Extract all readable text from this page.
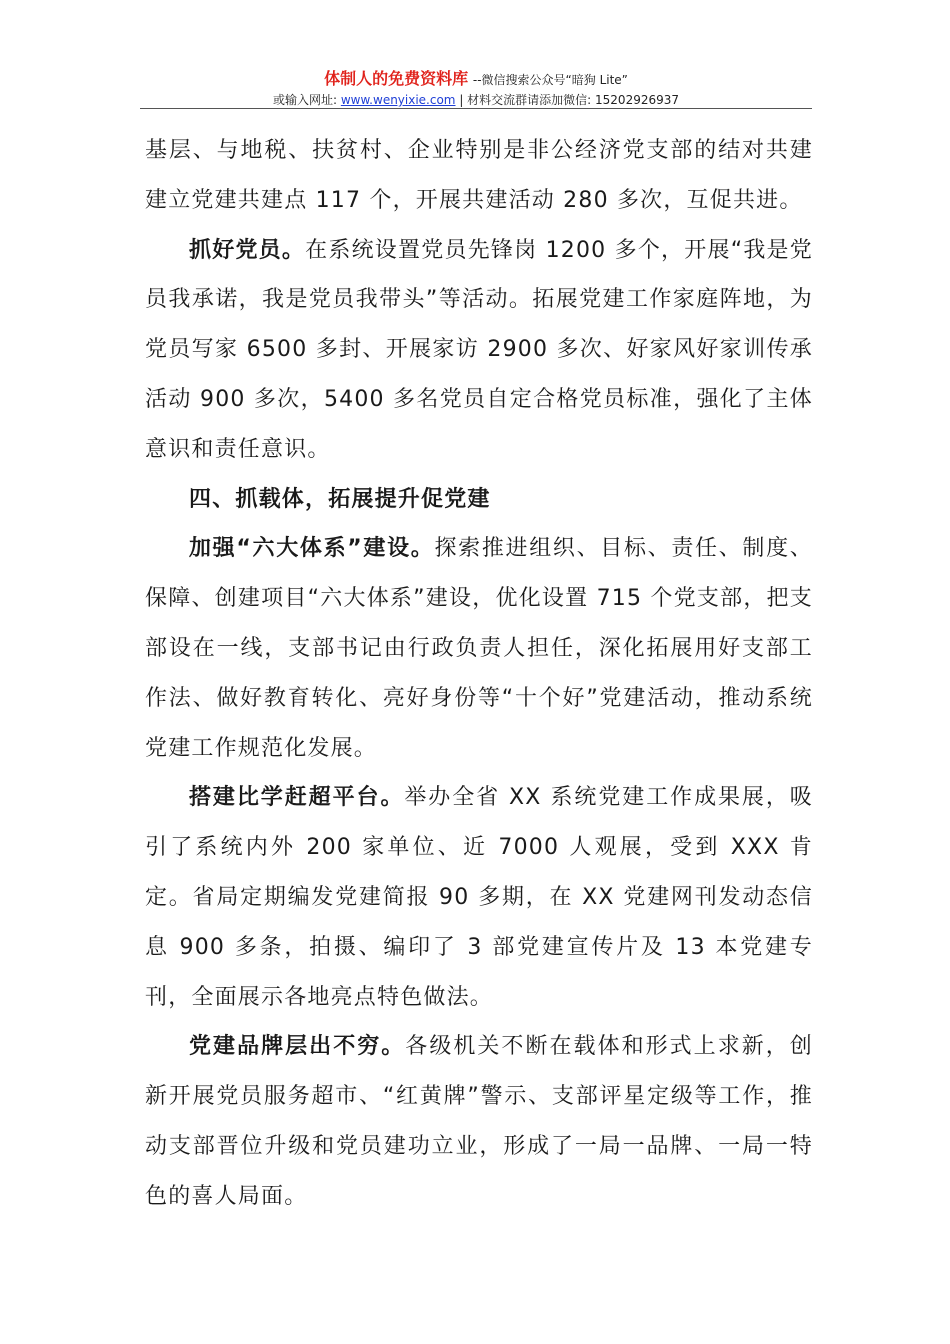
体制人的免费资料库 --微信搜索公众号“暗狗 Lite”
或输入网址: www.wenyixie.com | 材料交流群请添加微信: 15202926937

基层、与地税、扶贫村、企业特别是非公经济党支部的结对共建建立党建共建点 117 个，开展共建活动 280 多次，互促共进。

抓好党员。在系统设置党员先锋岗 1200 多个，开展“我是党员我承诺，我是党员我带头”等活动。拓展党建工作家庭阵地，为党员写家 6500 多封、开展家访 2900 多次、好家风好家训传承活动 900 多次，5400 多名党员自定合格党员标准，强化了主体意识和责任意识。

四、抓载体，拓展提升促党建

加强“六大体系”建设。探索推进组织、目标、责任、制度、保障、创建项目“六大体系”建设，优化设置 715 个党支部，把支部设在一线，支部书记由行政负责人担任，深化拓展用好支部工作法、做好教育转化、亮好身份等“十个好”党建活动，推动系统党建工作规范化发展。

搭建比学赶超平台。举办全省 XX 系统党建工作成果展，吸引了系统内外 200 家单位、近 7000 人观展，受到 XXX 肯定。省局定期编发党建简报 90 多期，在 XX 党建网刊发动态信息 900 多条，拍摄、编印了 3 部党建宣传片及 13 本党建专刊，全面展示各地亮点特色做法。

党建品牌层出不穷。各级机关不断在载体和形式上求新，创新开展党员服务超市、“红黄牌”警示、支部评星定级等工作，推动支部晋位升级和党员建功立业，形成了一局一品牌、一局一特色的喜人局面。
